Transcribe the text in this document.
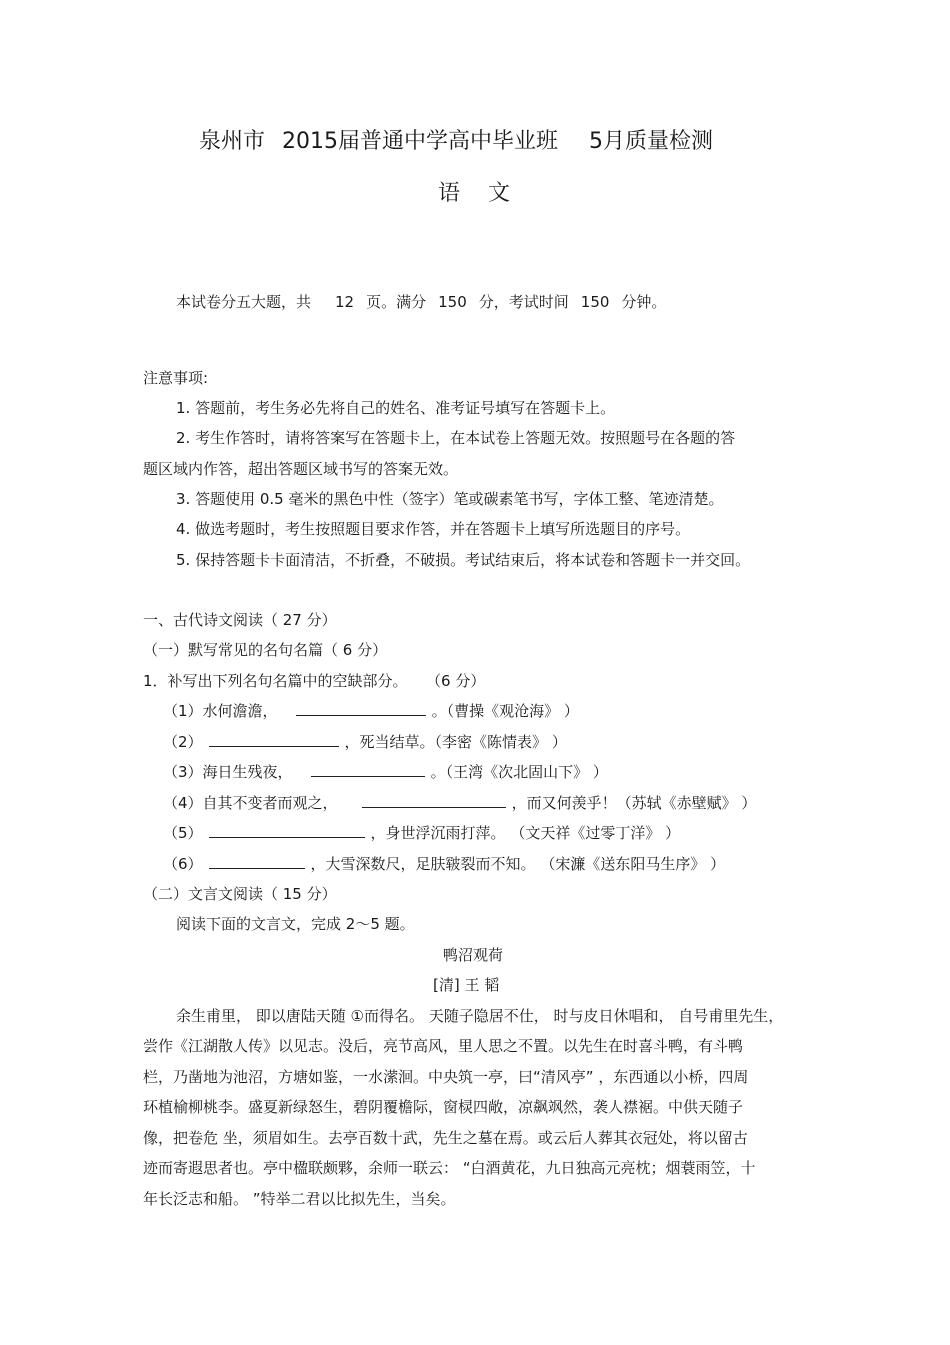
泉州市 2015届普通中学高中毕业班 5月质量检测
语 文
本试卷分五大题，共 12 页。满分 150 分，考试时间 150 分钟。
注意事项:
1. 答题前，考生务必先将自己的姓名、准考证号填写在答题卡上。
2. 考生作答时，请将答案写在答题卡上，在本试卷上答题无效。按照题号在各题的答
题区域内作答，超出答题区域书写的答案无效。
3. 答题使用 0.5 毫米的黑色中性（签字）笔或碳素笔书写，字体工整、笔迹清楚。
4. 做选考题时，考生按照题目要求作答，并在答题卡上填写所选题目的序号。
5. 保持答题卡卡面清洁，不折叠，不破损。考试结束后，将本试卷和答题卡一并交回。
一、古代诗文阅读（ 27 分）
（一）默写常见的名句名篇（ 6 分）
1．补写出下列名句名篇中的空缺部分。 （6 分）
（1）水何澹澹，	。（曹操《观沧海》 ）
（2）	，死当结草。（李密《陈情表》 ）
（3）海日生残夜，	。（王湾《次北固山下》 ）
（4）自其不变者而观之，	，而又何羡乎！（苏轼《赤壁赋》 ）
（5）	，身世浮沉雨打萍。 （文天祥《过零丁洋》 ）
（6）	，大雪深数尺，足肤皲裂而不知。 （宋濂《送东阳马生序》 ）
（二）文言文阅读（ 15 分）
阅读下面的文言文，完成 2～5 题。
鸭沼观荷
[清] 王 韬
余生甫里， 即以唐陆天随 ①而得名。 天随子隐居不仕， 时与皮日休唱和， 自号甫里先生，
尝作《江湖散人传》以见志。没后，亮节高风，里人思之不置。以先生在时喜斗鸭，有斗鸭
栏，乃凿地为池沼，方塘如鉴，一水潆洄。中央筑一亭，曰“清风亭” ，东西通以小桥，四周
环植榆柳桃李。盛夏新绿怒生，碧阴覆檐际，窗棂四敞，凉飙飒然，袭人襟裾。中供天随子
像，把卷危 坐，须眉如生。去亭百数十武，先生之墓在焉。或云后人葬其衣冠处，将以留古
迹而寄遐思者也。亭中楹联颇夥，余师一联云： “白酒黄花，九日独高元亮枕；烟蓑雨笠，十
年长泛志和船。 ”特举二君以比拟先生，当矣。
